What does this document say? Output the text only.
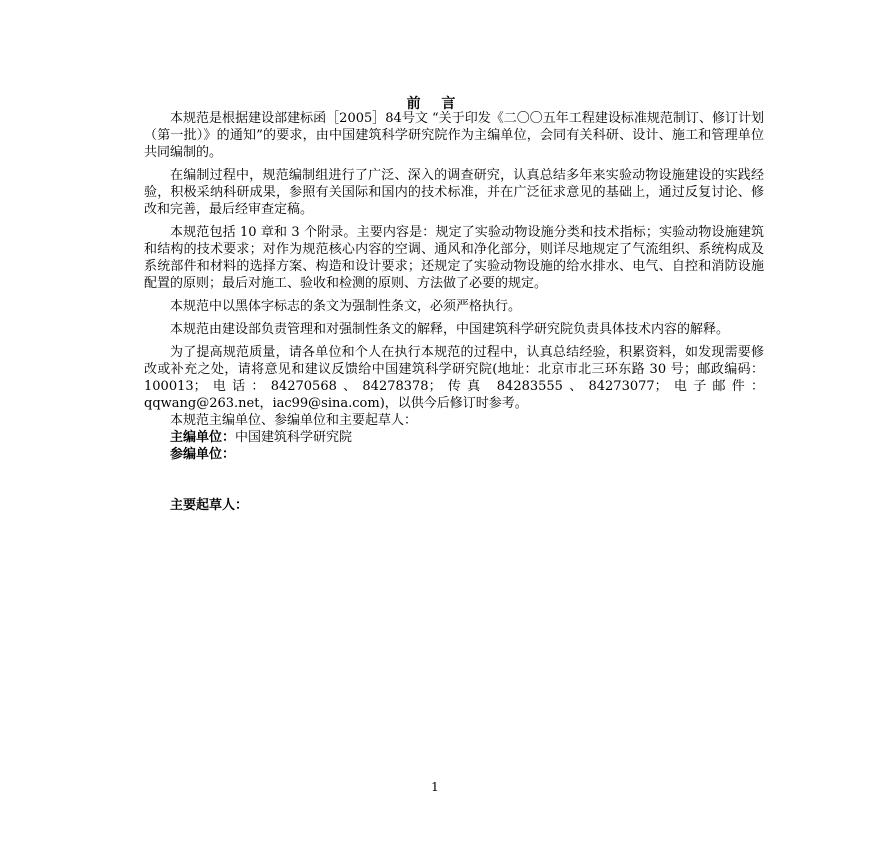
前 言

本规范是根据建设部建标函［2005］84号文 “关于印发《二〇〇五年工程建设标准规范制订、修订计划（第一批）》的通知”的要求，由中国建筑科学研究院作为主编单位，会同有关科研、设计、施工和管理单位共同编制的。

在编制过程中，规范编制组进行了广泛、深入的调查研究，认真总结多年来实验动物设施建设的实践经验，积极采纳科研成果，参照有关国际和国内的技术标准，并在广泛征求意见的基础上，通过反复讨论、修改和完善，最后经审查定稿。

本规范包括 10 章和 3 个附录。主要内容是：规定了实验动物设施分类和技术指标；实验动物设施建筑和结构的技术要求；对作为规范核心内容的空调、通风和净化部分，则详尽地规定了气流组织、系统构成及系统部件和材料的选择方案、构造和设计要求；还规定了实验动物设施的给水排水、电气、自控和消防设施配置的原则；最后对施工、验收和检测的原则、方法做了必要的规定。

本规范中以黑体字标志的条文为强制性条文，必须严格执行。

本规范由建设部负责管理和对强制性条文的解释，中国建筑科学研究院负责具体技术内容的解释。

为了提高规范质量，请各单位和个人在执行本规范的过程中，认真总结经验，积累资料，如发现需要修改或补充之处，请将意见和建议反馈给中国建筑科学研究院(地址：北京市北三环东路 30 号；邮政编码：100013；电话：84270568、84278378；传真 84283555、84273077；电子邮件：qqwang@263.net，iac99@sina.com)，以供今后修订时参考。

本规范主编单位、参编单位和主要起草人：

主编单位：中国建筑科学研究院

参编单位：

主要起草人：
1
